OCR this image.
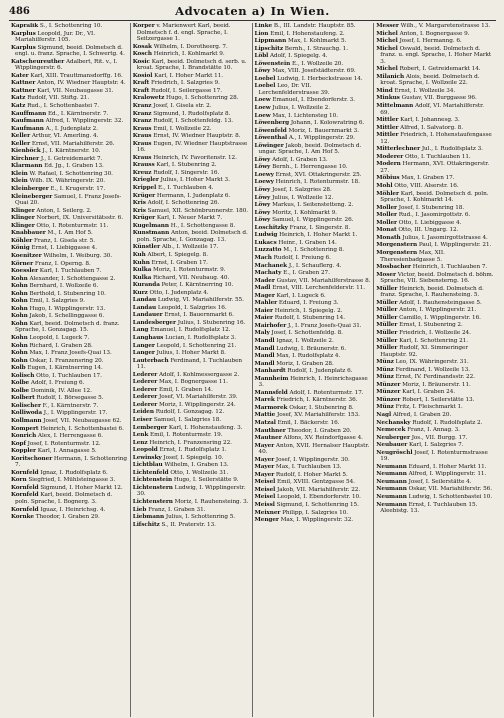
486	Advocaten a) In Wien.
Kapralik S., I. Schottenring 10.
Karplus Leopold, Jur. Dr., VI. Mariahilferstr. 105.
Karplus Sigmund, beeid. Dolmetsch d. engl. u. franz. Sprache, I. Schwertg. 4.
Katscheureuther Adalbert, Rit. v., I. Wipplingerstr. 6.
Kater Karl, XIII. Trauttmansdorffg. 16.
Kattner Anton, IV. Wiedner Hauptstr. 4.
Kattner Karl, VII. Neubaugasse 31.
Katz Rudolf, VII. Stiftg. 21.
Katz Rud., I. Schottenbastei 7.
Kauffmann Ed., I. Kärntnerstr. 7.
Kaufmann Alfred, I. Wipplingerstr. 32.
Kaufmann A., I. Judenplatz 2.
Keller Arthur, VI. Amerling. 4.
Keller Ernst, VII. Mariahilferstr. 26.
Kienböck J., I. Kärntnerstr. 10.
Kirchner J., I. Getreidemarkt 7.
Klarmann Ed. Jg., I. Graben 13.
Klein W. Rafael, I. Schottenring 30.
Klein Wilh. IX. Währingerstr. 20.
Kleinberger E., I. Krugerstr. 17.
Kleineberger Samuel, I. Franz Josefs-Quai 20.
Klinger Anton, I. Seilerg. 2.
Klinger Norbert, IX. Universitätsstr. 6.
Klinger Otto, I. Rotenturmstr. 11.
Knabbauer M., I. Am Hof 5.
Köhler Franz, I. Gisela str. 5.
König Ernst, I. Liebiggasse 4.
Koenitzer Wilhelm, I. Weiburg. 30.
Körner Franz, I. Operng. 8.
Koessler Karl, I. Tuchlauben 7.
Kohn Alexander, I. Schottengasse 2.
Kohn Bernhard, I. Wollzeile 6.
Kohn Berthold, I. Stubenring 10.
Kohn Emil, I. Salzgries 9.
Kohn Hugo, I. Wipplingerstr. 13.
Kohn Jakob, I. Schellinggasse 6.
Kohn Karl, beeid. Dolmetsch d. franz. Sprache, I. Gonzagag. 15.
Kohn Leopold, I. Lugeck 7.
Kohn Richard, I. Graben 28.
Kohn Max, I. Franz Josefs-Quai 13.
Kohn Oskar, I. Franzensring 20.
Kolb Eugen, I. Kärntnerring 14.
Kolisch Otto, I. Tuchlauben 17.
Kolbe Adolf, I. Freiung 6.
Kolbe Dominik, IV. Allee 12.
Kolbert Rudolf, I. Börsegasse 5.
Kolischer F., I. Kärntnerstr. 7.
Kolliwoda J., I. Wipplingerstr. 17.
Kollmann Josef, VII. Neubaugasse 62.
Kompert Heinrich, I. Schottenbastei 6.
Konrich Alex, I. Herrengasse 6.
Kopf Josef, I. Rotenturmstr. 12.
Koppler Karl, I. Annagasse 5.
Koritschoner Hermann, I. Schottenring 7.
Kornfeld Ignaz, I. Rudolfsplatz 6.
Korn Siegfried, I. Mühlsteingasse 3.
Kornfeld Sigmund, I. Hoher Markt 12.
Kornfeld Karl, beeid. Dolmetsch d. poln. Sprache, I. Bognerg. 3.
Kornfeld Iguaz, I. Heinrichsg. 4.
Kornke Theodor, I. Graben 29.
Korper v. Marienwert Karl, beeid. Dolmetsch f. d. engl. Sprache, I. Seitzergasse 1.
Kosak Wilhelm, I. Dorotheerg. 7.
Kosch Heinrich, I. Kohlmarkt 9.
Kosic Karl, beeid. Dolmetsch d. serb. u. kroat. Sprache, I. Brandstätte 10.
Kosiol Karl, I. Hoher Markt 11.
Kraft Friedrich, I. Salzgries 9.
Kraft Rudolf, I. Seilergasse 17.
Kralowetz Hugo, I. Schottenring 28.
Kranz Josef, I. Gisela str. 2.
Kranz Sigmund, I. Rudolfsplatz 8.
Kranz Rudolf, I. Schottenfeldg. 13.
Kraus Emil, I. Wollzeile 22.
Kraus Ernst, IV. Wiedner Hauptstr. 8.
Kraus Eugen, IV. Wiedner Hauptstrasse 16.
Kraus Heinrich, IV. Favoritenstr. 12.
Krauss Karl, I. Stubenring 2.
Kreuz Rudolf, I. Singerstr. 16.
Kriegler Julius, I. Hoher Markt 3.
Krippel E., I. Tuchlauben 4.
Krüger Hermann, I. Judenplatz 6.
Kris Adolf, I. Schottenring 26.
Kris Samuel, XII. Schönbrunnerstr. 180.
Krüger Karl, I. Neuer Markt 7.
Kugelmann H., I. Schottengasse 8.
Kunstmann Anton, beeid. Dolmetsch d. poln. Sprache, I. Gonzagag. 13.
Künstler Alb., I. Wollzeile 17.
Kuh Albert, I. Spiegelg. 8.
Kuhn Ernst, I. Graben 17.
Kulka Moriz, I. Rotenturmstr. 9.
Kulka Richard, VII. Neubaug. 40.
Kuranda Peter, I. Kärntnerring 10.
Kurz Otto, I. Judenplatz 4.
Landau Ludwig, VI. Mariahilferstr. 55.
Landau Leopold, I. Salzgries 16.
Landauer Ernst, I. Bauernmarkt 6.
Landesberger Julius, I. Stubenring 16.
Lang Emanuel, I. Rudolfsplatz 12.
Langhaus Lucian, I. Rudolfsplatz 3.
Langer Leopold, I. Schottenring 21.
Langer Julius, I. Hoher Markt 8.
Lauterbach Ferdinand, I. Tuchlauben 11.
Lederer Adolf, I. Kohlmessergasse 2.
Lederer Max, I. Bognergasse 11.
Lederer Emil, I. Graben 14.
Lederer Josef, VI. Mariahilferstr. 39.
Lederer Moriz, I. Wipplingerstr. 24.
Leiden Rudolf, I. Gonzagag. 12.
Leiser Samuel, I. Salzgries 18.
Lemberger Karl, I. Hohenstaufeng. 3.
Lenk Emil, I. Rotenturmstr. 19.
Lenz Heinrich, I. Franzensring 22.
Leopold Ernst, I. Rudolfsplatz 1.
Lewinsky Josef, I. Spiegelg. 10.
Lichtblau Wilhelm, I. Graben 13.
Lichtenfeld Otto, I. Wollzeile 31.
Lichtenstein Hugo, I. Seilerstätte 9.
Lichtenstern Ludwig, I. Wipplingerstr. 30.
Lichtenstern Moriz, I. Rauhensteing. 3.
Lieb Franz, I. Graben 31.
Liebmann Julius, I. Schottenring 5.
Lifschitz S., II. Praterstr. 13.
Linke B., III. Landstr. Hauptstr. 85.
Lion Emil, I. Hohenstaufeng. 2.
Lippmann Max, I. Kohlmarkt 5.
Lipschitz Bernh., I. Strauchg. 1.
Löbl Adolf, I. Spiegelg. 4.
Löwenstein E., I. Wollzeile 20.
Löwy Max, VIII. Josefstädterstr. 69.
Loebel Ludwig, I. Herbeckstrasse 14.
Loebel Leo, Dr. VII. Lerchenfelderstrasse 39.
Loew Emanuel, I. Ebendorferstr. 3.
Loew Julius, I. Wollzeile 2.
Loew Max, I. Lichtensteg 10.
Löwenberg Johann, I. Kolowratring 6.
Löwenfeld Moriz, I. Bauernmarkt 3.
Löwenthal A., I. Wipplingerstr. 29.
Löwinger Jakob, beeid. Dolmetsch d. ungar. Sprache, I. Am Hof 5.
Löwy Adolf, I. Graben 13.
Löwy Bernh., I. Herrengasse 10.
Loewy Ernst, XVI. Ottakringerstr. 25.
Loewy Heinrich, I. Rotenturmstr. 18.
Löwy Josef, I. Salzgries 28.
Löwy Julius, I. Wollzeile 12.
Löwy Markus, I. Seitenstetteng. 2.
Löwy Moritz, I. Kohlmarkt 9.
Löwy Samuel, I. Wipplingerstr. 26.
Loschitzky Franz, I. Singerstr. 8.
Ludwig Heinrich, I. Hoher Markt 1.
Lukacs Heinr., I. Graben 14.
Luzzatto M., I. Schottenring 8.
Mach Rudolf, I. Freiung 6.
Machanek J., I. Schauflerg. 4.
Machaty E., I. Graben 27.
Mader Gustav, VII. Mariahilferstrasse 8.
Madl Ernst, VIII. Lerchenfelderstr. 11.
Mager Karl, I. Lugeck 6.
Mahler Eduard, I. Freiung 3.
Maier Heinrich, I. Spiegelg. 2.
Maier Rudolf, I. Stubenring 14.
Mairhofer J., I. Franz Josefs-Quai 31.
Maly Josef, I. Schottenfeldg. 8.
Mandl Ignaz, I. Wollzeile 2.
Mandl Ludwig, I. Bräunerstr. 6.
Mandl Max, I. Rudolfsplatz 4.
Mandl Moriz, I. Graben 28.
Manhardt Rudolf, I. Judenplatz 6.
Mannheim Heinrich, I. Heinrichsgasse 3.
Mannsfeld Adolf, I. Rotenturmstr. 17.
Marek Friedrich, I. Kärntnerstr. 36.
Marmorek Oskar, I. Stubenring 8.
Mattie Josef, XV. Mariahilferstr. 153.
Matzal Emil, I. Bäckerstr. 16.
Mauthner Theodor, I. Graben 20.
Mautner Alfons, XV. Reindorfgasse 4.
Mayer Anton, XVII. Hernalser Hauptstr. 40.
Mayer Josef, I. Wipplingerstr. 30.
Mayer Max, I. Tuchlauben 13.
Mayer Rudolf, I. Hoher Markt 5.
Meisel Emil, XVIII. Gentzgasse 54.
Meisel Jakob, VII. Mariahilferstr. 22.
Meisel Leopold, I. Ebendorferstr. 10.
Meissl Sigmund, I. Schottenring 15.
Meixner Philipp, I. Salzgries 10.
Menger Max, I. Wipplingerstr. 32.
Messer Wilh., V. Margaretenstrasse 13.
Michel Anton, I. Bognergasse 9.
Michel Josef, I. Hermanng. 6.
Michel Oswald, beeid. Dolmetsch d. franz. u. engl. Sprache, I. Hoher Markt 3.
Michel Robert, I. Getreidemarkt 14.
Milanich Alois, beeid. Dolmetsch d. kroat. Sprache, I. Wollzeile 22.
Mind Ernst, I. Wollzeile 34.
Minkus Gustav, VII. Burggasse 96.
Mittelmann Adolf, VI. Mariahilferstr. 69.
Mittler Karl, I. Johannesg. 3.
Mittler Alfred, I. Salvatorg. 8.
Mittler Friedrich, I. Hohenstaufengasse 12.
Mitterlechner Jul., I. Rudolfsplatz 3.
Moderer Otto, I. Tuchlauben 11.
Modern Hermann, XVI. Ottakringerstr. 27.
Möbius Max, I. Graben 17.
Mohl Otto, VIII. Alserstr. 16.
Möhler Karl, beeid. Dolmetsch d. poln. Sprache, I. Kohlmarkt 14.
Moller Josef, I. Stubenring 18.
Moller Rud., I. Jasomirgottstr. 6.
Moller Otto, I. Liebiggasse 4.
Monat Otto, III. Ungarg. 12.
Monath Julius, I. Jasomirgottstrasse 4.
Morgenstern Paul, I. Wipplingerstr. 21.
Morgenstern Max, XII. Theresienbadgasse 5.
Mosbacher Heinrich, I. Tuchlauben 7.
Moser Victor, beeid. Dolmetsch d. böhm. Sprache, VII. Siebensterng. 16.
Müller Heinrich, beeid. Dolmetsch d. franz. Sprache, I. Rauhensteing. 5.
Müller Adolf, I. Rauhensteingasse 5.
Müller Anton, I. Wipplingerstr. 21.
Müller Camillo, I. Wipplingerstr. 16.
Müller Ernst, I. Stubenring 2.
Müller Friedrich, I. Wollzeile 24.
Müller Karl, I. Schottenring 21.
Müller Rudolf, XI. Simmeringer Hauptstr. 92.
Münz Leo, IX. Währingerstr. 31.
Münz Ferdinand, I. Wollzeile 13.
Münz Ernst, IV. Ferdinandsstr. 22.
Münzer Moriz, I. Bräunerstr. 11.
Münzer Karl, I. Graben 24.
Münzer Robert, I. Seilerstätte 13.
Münz Fritz, I. Fleischmarkt 1.
Nagl Alfred, I. Graben 20.
Nechansky Rudolf, I. Rudolfsplatz 2.
Nemecek Franz, I. Annag. 3.
Neuberger Jos., VII. Burgg. 17.
Neubauer Karl, I. Salzgries 7.
Neugröschl Josef, I. Rotenturmstrasse 19.
Neumann Eduard, I. Hoher Markt 11.
Neumann Alfred, I. Wipplingerstr. 11.
Neumann Josef, I. Seilerstätte 4.
Neumann Oskar, VII. Mariahilferstr. 56.
Neumann Ludwig, I. Schottenbastei 10.
Neumann Ernst, I. Tuchlauben 15. Aleebistg. 13.
